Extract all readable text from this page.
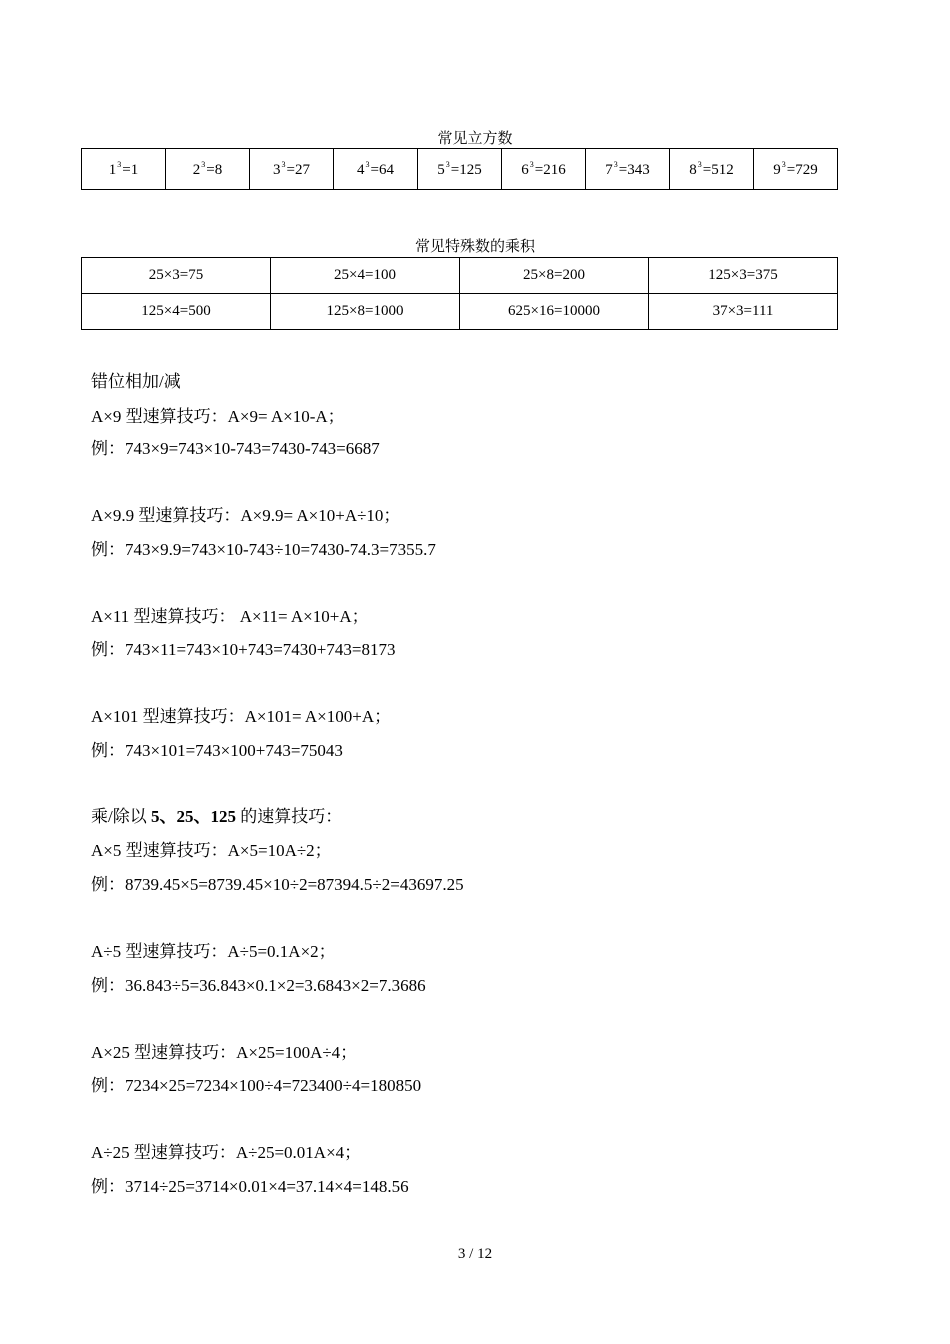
常见立方数
$1^3=1$	$2^3=8$	$3^3=27$	$4^3=64$	$5^3=125$	$6^3=216$	$7^3=343$	$8^3=512$	$9^3=729$
常见特殊数的乘积
25×3=75	25×4=100	25×8=200	125×3=375
125×4=500	125×8=1000	625×16=10000	37×3=111
错位相加/减
A×9 型速算技巧：A×9= A×10-A；
例：743×9=743×10-743=7430-743=6687
A×9.9 型速算技巧：A×9.9= A×10+A÷10；
例：743×9.9=743×10-743÷10=7430-74.3=7355.7
A×11 型速算技巧： A×11= A×10+A；
例：743×11=743×10+743=7430+743=8173
A×101 型速算技巧：A×101= A×100+A；
例：743×101=743×100+743=75043
乘/除以 5、25、125 的速算技巧：
A×5 型速算技巧：A×5=10A÷2；
例：8739.45×5=8739.45×10÷2=87394.5÷2=43697.25
A÷5 型速算技巧：A÷5=0.1A×2；
例：36.843÷5=36.843×0.1×2=3.6843×2=7.3686
A×25 型速算技巧：A×25=100A÷4；
例：7234×25=7234×100÷4=723400÷4=180850
A÷25 型速算技巧：A÷25=0.01A×4；
例：3714÷25=3714×0.01×4=37.14×4=148.56
3 / 12
